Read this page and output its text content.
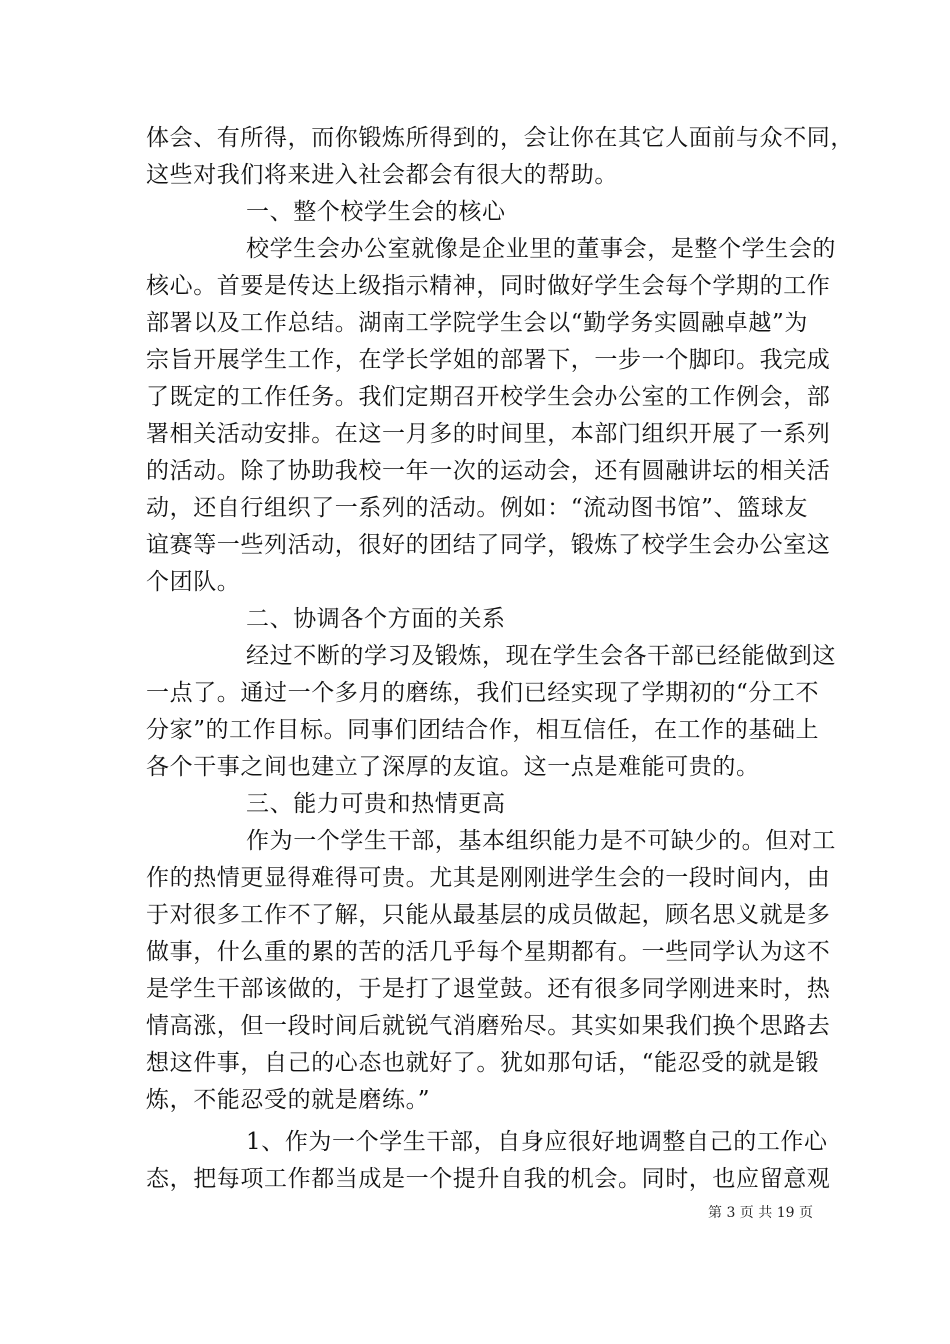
体会、有所得，而你锻炼所得到的，会让你在其它人面前与众不同，
这些对我们将来进入社会都会有很大的帮助。
一、整个校学生会的核心
校学生会办公室就像是企业里的董事会，是整个学生会的
核心。首要是传达上级指示精神，同时做好学生会每个学期的工作
部署以及工作总结。湖南工学院学生会以“勤学务实圆融卓越”为
宗旨开展学生工作，在学长学姐的部署下，一步一个脚印。我完成
了既定的工作任务。我们定期召开校学生会办公室的工作例会，部
署相关活动安排。在这一月多的时间里，本部门组织开展了一系列
的活动。除了协助我校一年一次的运动会，还有圆融讲坛的相关活
动，还自行组织了一系列的活动。例如：“流动图书馆”、篮球友
谊赛等一些列活动，很好的团结了同学，锻炼了校学生会办公室这
个团队。
二、协调各个方面的关系
经过不断的学习及锻炼，现在学生会各干部已经能做到这
一点了。通过一个多月的磨练，我们已经实现了学期初的“分工不
分家”的工作目标。同事们团结合作，相互信任，在工作的基础上
各个干事之间也建立了深厚的友谊。这一点是难能可贵的。
三、能力可贵和热情更高
作为一个学生干部，基本组织能力是不可缺少的。但对工
作的热情更显得难得可贵。尤其是刚刚进学生会的一段时间内，由
于对很多工作不了解，只能从最基层的成员做起，顾名思义就是多
做事，什么重的累的苦的活几乎每个星期都有。一些同学认为这不
是学生干部该做的，于是打了退堂鼓。还有很多同学刚进来时，热
情高涨，但一段时间后就锐气消磨殆尽。其实如果我们换个思路去
想这件事，自己的心态也就好了。犹如那句话，“能忍受的就是锻
炼，不能忍受的就是磨练。”
1、作为一个学生干部，自身应很好地调整自己的工作心
态，把每项工作都当成是一个提升自我的机会。同时，也应留意观
第 3 页 共 19 页
